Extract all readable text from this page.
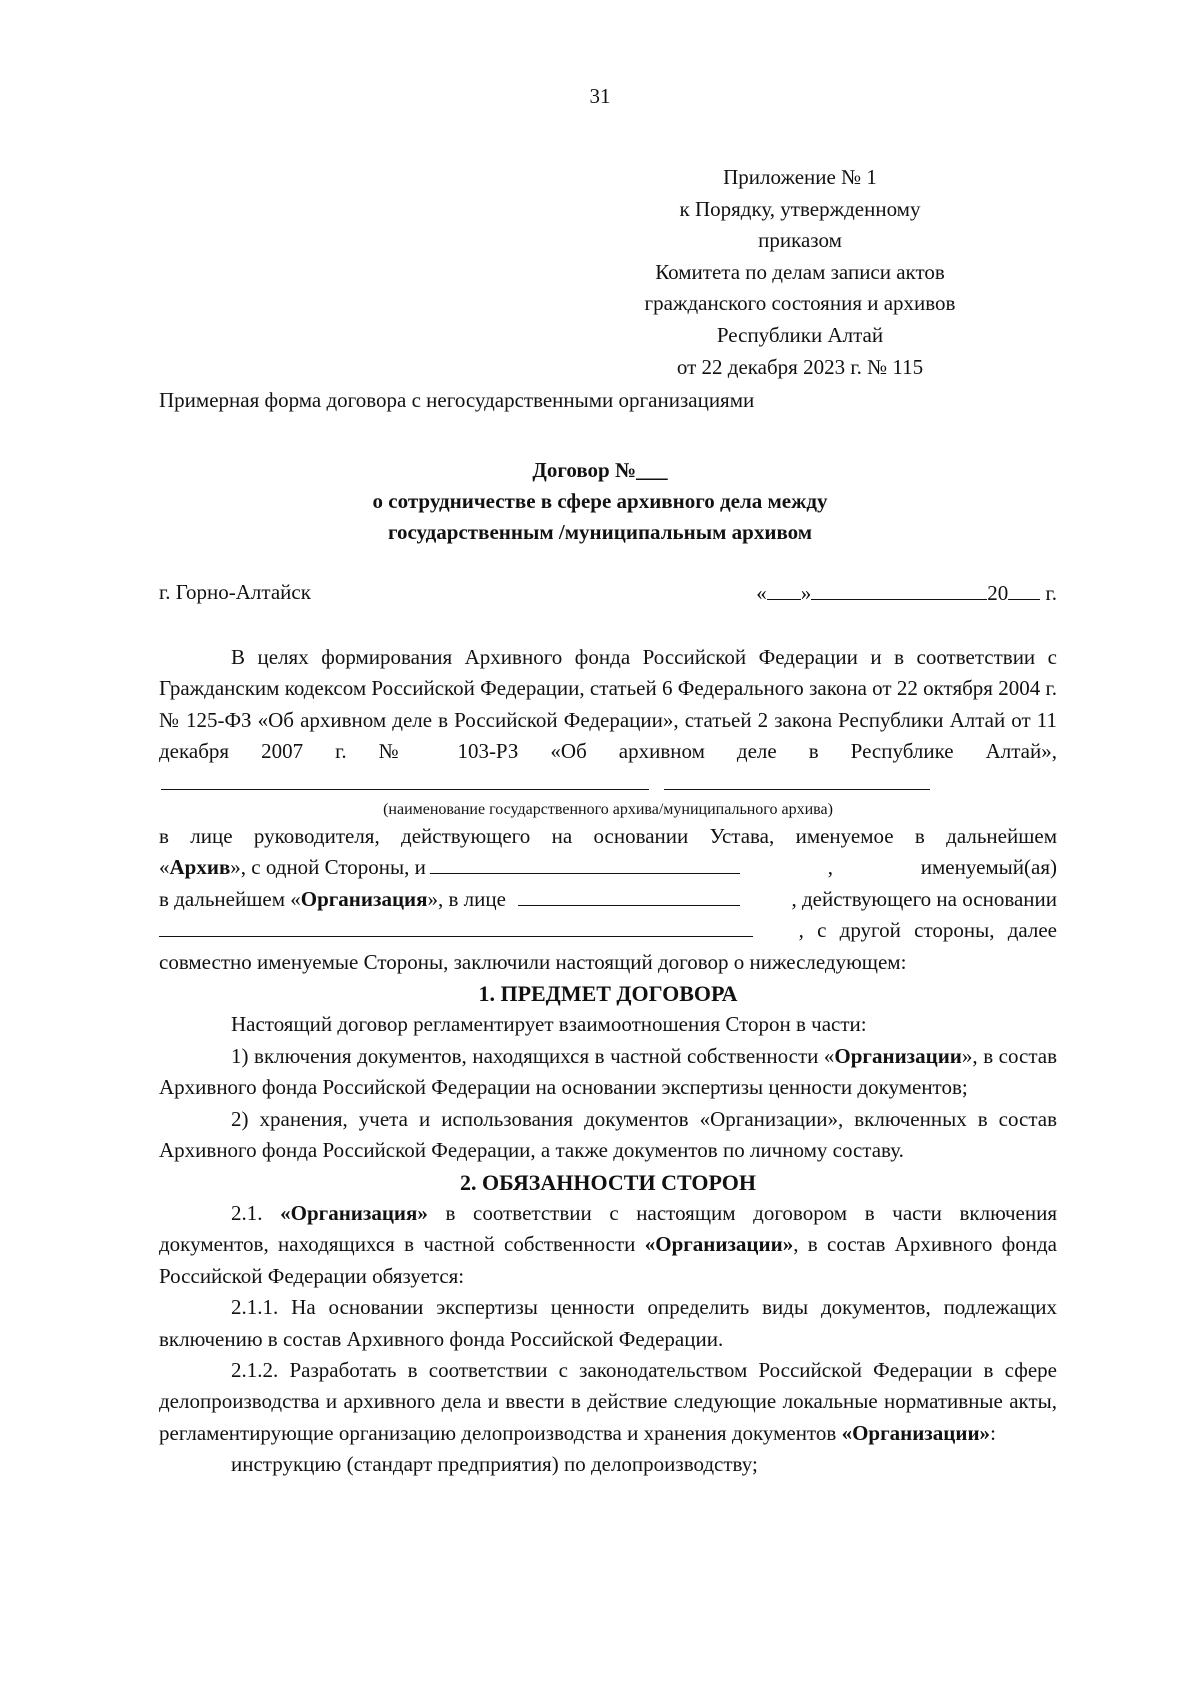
31
Приложение № 1
к Порядку, утвержденному приказом
Комитета по делам записи актов
гражданского состояния и архивов
Республики Алтай
от 22 декабря 2023 г. № 115
Примерная форма договора с негосударственными организациями
Договор №___
о сотрудничестве в сфере архивного дела между
государственным /муниципальным архивом
г. Горно-Алтайск	« »	20 г.

В целях формирования Архивного фонда Российской Федерации и в соответствии с Гражданским кодексом Российской Федерации, статьей 6 Федерального закона от 22 октября 2004 г. № 125-ФЗ «Об архивном деле в Российской Федерации», статьей 2 закона Республики Алтай от 11 декабря 2007 г. № 103-РЗ «Об архивном деле в Республике Алтай»,

(наименование государственного архива/муниципального архива)

в лице руководителя, действующего на основании Устава, именуемое в дальнейшем

«Архив», с одной Стороны, и	,	именуемый(ая)
в дальнейшем «Организация», в лице	, действующего на основании
, с другой стороны, далее

совместно именуемые Стороны, заключили настоящий договор о нижеследующем:

1. ПРЕДМЕТ ДОГОВОРА

Настоящий договор регламентирует взаимоотношения Сторон в части:

1) включения документов, находящихся в частной собственности «Организации», в состав Архивного фонда Российской Федерации на основании экспертизы ценности документов;

2) хранения, учета и использования документов «Организации», включенных в состав Архивного фонда Российской Федерации, а также документов по личному составу.

2. ОБЯЗАННОСТИ СТОРОН

2.1. «Организация» в соответствии с настоящим договором в части включения документов, находящихся в частной собственности «Организации», в состав Архивного фонда Российской Федерации обязуется:

2.1.1. На основании экспертизы ценности определить виды документов, подлежащих включению в состав Архивного фонда Российской Федерации.

2.1.2. Разработать в соответствии с законодательством Российской Федерации в сфере делопроизводства и архивного дела и ввести в действие следующие локальные нормативные акты, регламентирующие организацию делопроизводства и хранения документов «Организации»:

инструкцию (стандарт предприятия) по делопроизводству;
